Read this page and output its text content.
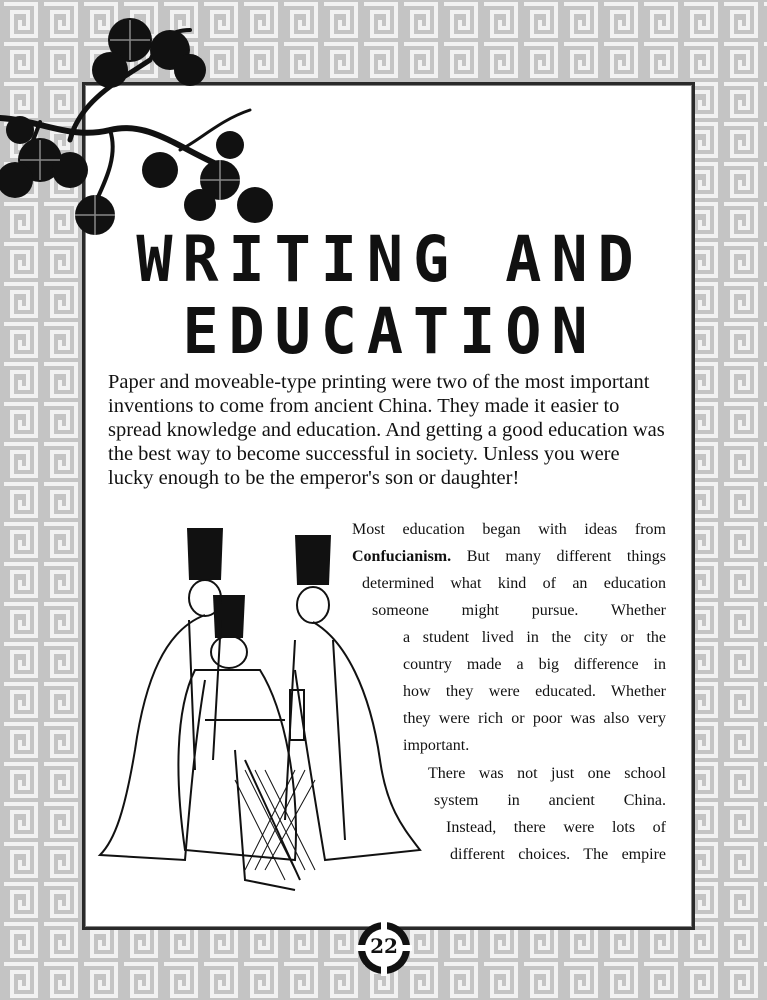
WRITING AND
EDUCATION

Paper and moveable-type printing were two of the most important inventions to come from ancient China. They made it easier to spread knowledge and education. And getting a good education was the best way to become successful in society. Unless you were lucky enough to be the emperor's son or daughter!

Most education began with ideas from
Confucianism. But many different things
determined what kind of an education
someone might pursue. Whether
a student lived in the city or the
country made a big difference in
how they were educated. Whether
they were rich or poor was also very
important.
There was not just one school
system in ancient China.
Instead, there were lots of
different choices. The empire
22
